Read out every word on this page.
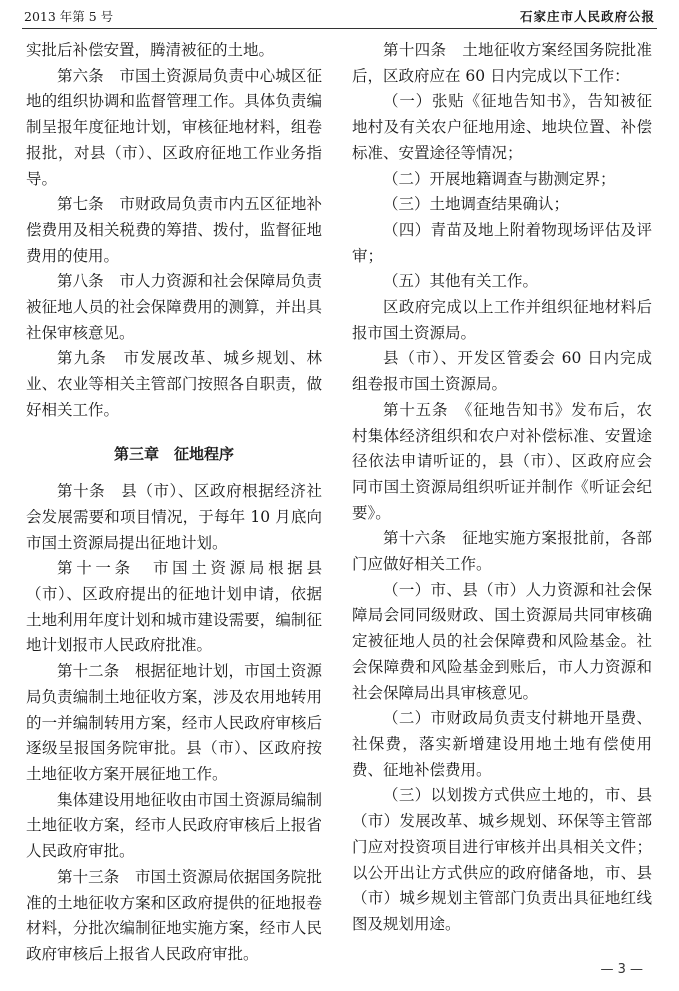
2013 年第 5 号	石家庄市人民政府公报

实批后补偿安置，腾清被征的土地。

第六条　市国土资源局负责中心城区征地的组织协调和监督管理工作。具体负责编制呈报年度征地计划，审核征地材料，组卷报批，对县（市）、区政府征地工作业务指导。

第七条　市财政局负责市内五区征地补偿费用及相关税费的筹措、拨付，监督征地费用的使用。

第八条　市人力资源和社会保障局负责被征地人员的社会保障费用的测算，并出具社保审核意见。

第九条　市发展改革、城乡规划、林业、农业等相关主管部门按照各自职责，做好相关工作。

第三章　征地程序

第十条　县（市）、区政府根据经济社会发展需要和项目情况，于每年 10 月底向市国土资源局提出征地计划。

第十一条　市国土资源局根据县（市）、区政府提出的征地计划申请，依据土地利用年度计划和城市建设需要，编制征地计划报市人民政府批准。

第十二条　根据征地计划，市国土资源局负责编制土地征收方案，涉及农用地转用的一并编制转用方案，经市人民政府审核后逐级呈报国务院审批。县（市）、区政府按土地征收方案开展征地工作。

集体建设用地征收由市国土资源局编制土地征收方案，经市人民政府审核后上报省人民政府审批。

第十三条　市国土资源局依据国务院批准的土地征收方案和区政府提供的征地报卷材料，分批次编制征地实施方案，经市人民政府审核后上报省人民政府审批。

第十四条　土地征收方案经国务院批准后，区政府应在 60 日内完成以下工作：

（一）张贴《征地告知书》，告知被征地村及有关农户征地用途、地块位置、补偿标准、安置途径等情况；

（二）开展地籍调查与勘测定界；

（三）土地调查结果确认；

（四）青苗及地上附着物现场评估及评审；

（五）其他有关工作。

区政府完成以上工作并组织征地材料后报市国土资源局。

县（市）、开发区管委会 60 日内完成组卷报市国土资源局。

第十五条　《征地告知书》发布后，农村集体经济组织和农户对补偿标准、安置途径依法申请听证的，县（市）、区政府应会同市国土资源局组织听证并制作《听证会纪要》。

第十六条　征地实施方案报批前，各部门应做好相关工作。

（一）市、县（市）人力资源和社会保障局会同同级财政、国土资源局共同审核确定被征地人员的社会保障费和风险基金。社会保障费和风险基金到账后，市人力资源和社会保障局出具审核意见。

（二）市财政局负责支付耕地开垦费、社保费，落实新增建设用地土地有偿使用费、征地补偿费用。

（三）以划拨方式供应土地的，市、县（市）发展改革、城乡规划、环保等主管部门应对投资项目进行审核并出具相关文件；以公开出让方式供应的政府储备地，市、县（市）城乡规划主管部门负责出具征地红线图及规划用途。

— 3 —
